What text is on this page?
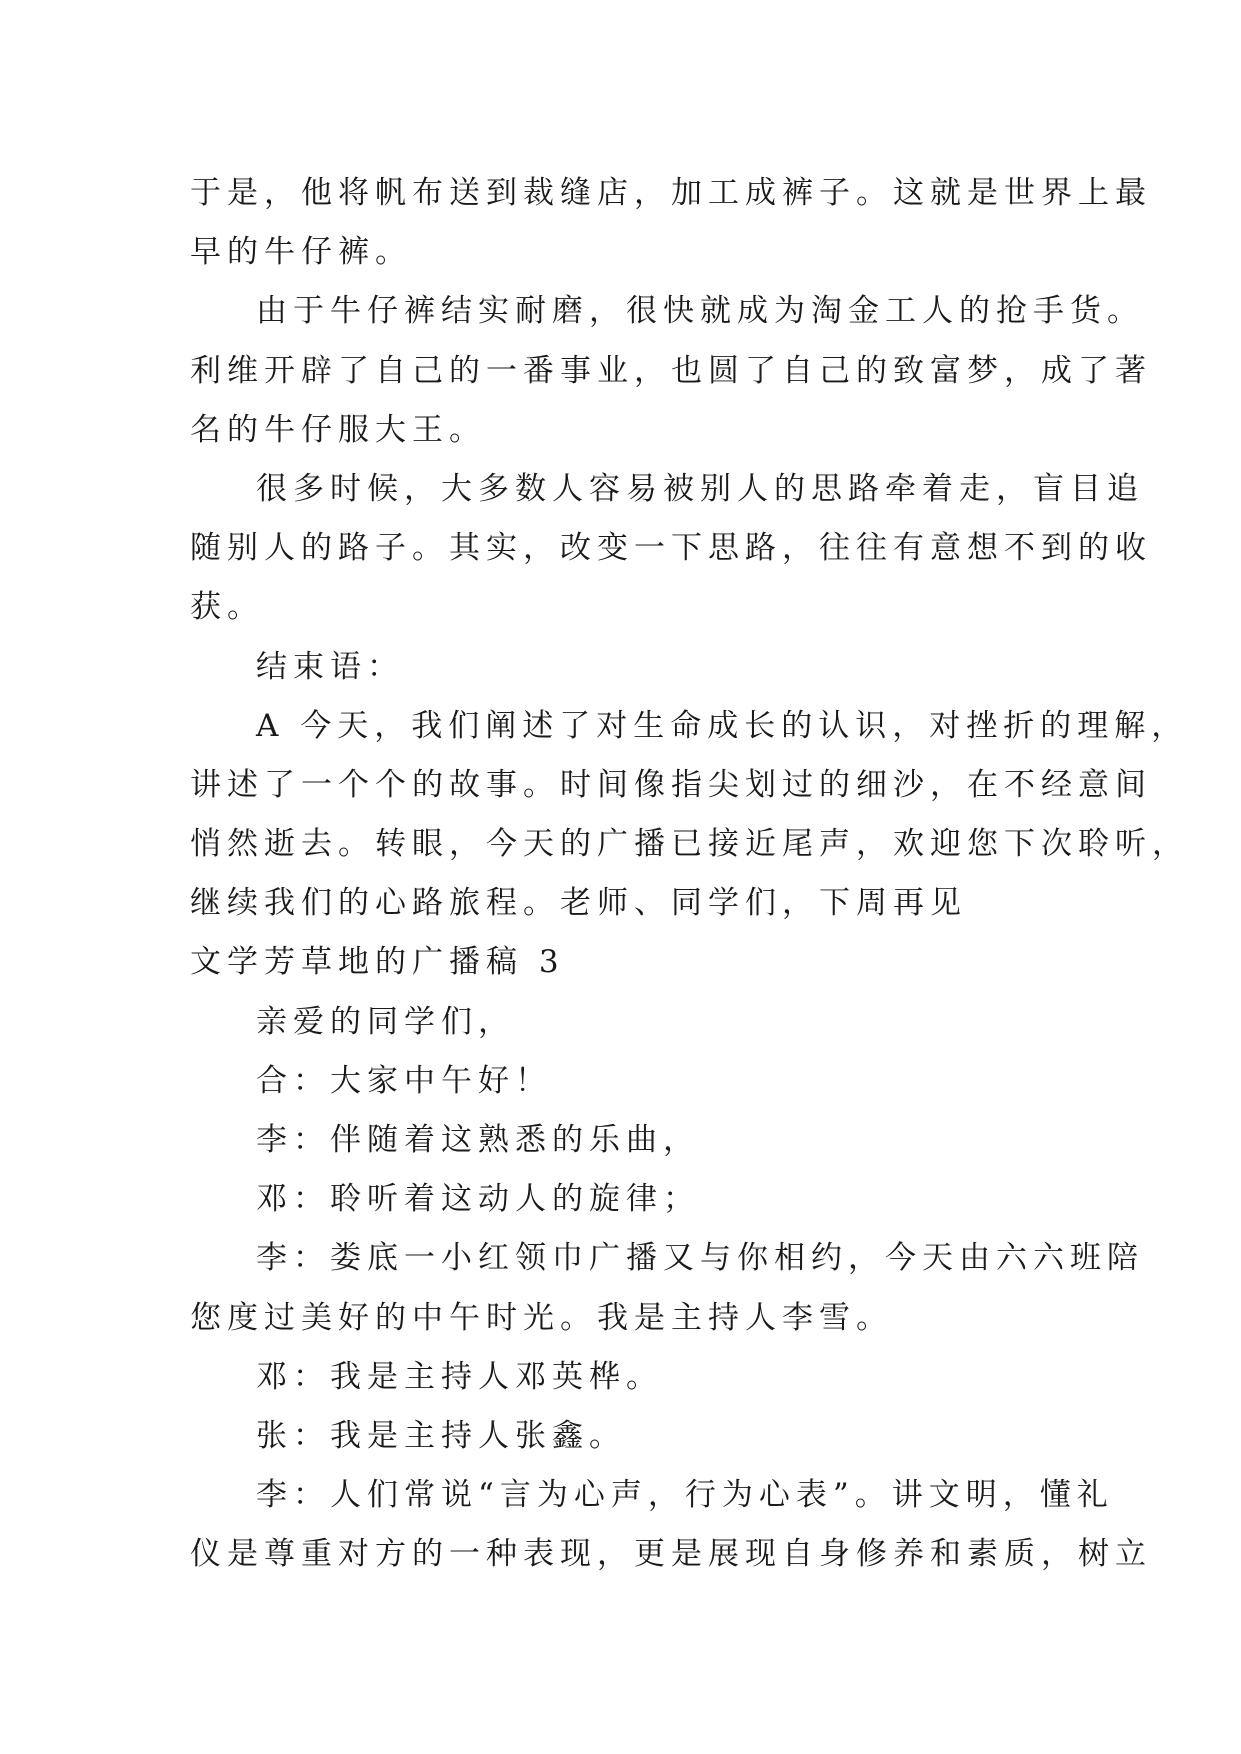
于是，他将帆布送到裁缝店，加工成裤子。这就是世界上最
早的牛仔裤。
由于牛仔裤结实耐磨，很快就成为淘金工人的抢手货。
利维开辟了自己的一番事业，也圆了自己的致富梦，成了著
名的牛仔服大王。
很多时候，大多数人容易被别人的思路牵着走，盲目追
随别人的路子。其实，改变一下思路，往往有意想不到的收
获。
结束语：
A 今天，我们阐述了对生命成长的认识，对挫折的理解，
讲述了一个个的故事。时间像指尖划过的细沙，在不经意间
悄然逝去。转眼，今天的广播已接近尾声，欢迎您下次聆听，
继续我们的心路旅程。老师、同学们，下周再见
文学芳草地的广播稿 3
亲爱的同学们，
合：大家中午好！
李：伴随着这熟悉的乐曲，
邓：聆听着这动人的旋律；
李：娄底一小红领巾广播又与你相约，今天由六六班陪
您度过美好的中午时光。我是主持人李雪。
邓：我是主持人邓英桦。
张：我是主持人张鑫。
李：人们常说“言为心声，行为心表”。讲文明，懂礼
仪是尊重对方的一种表现，更是展现自身修养和素质，树立
